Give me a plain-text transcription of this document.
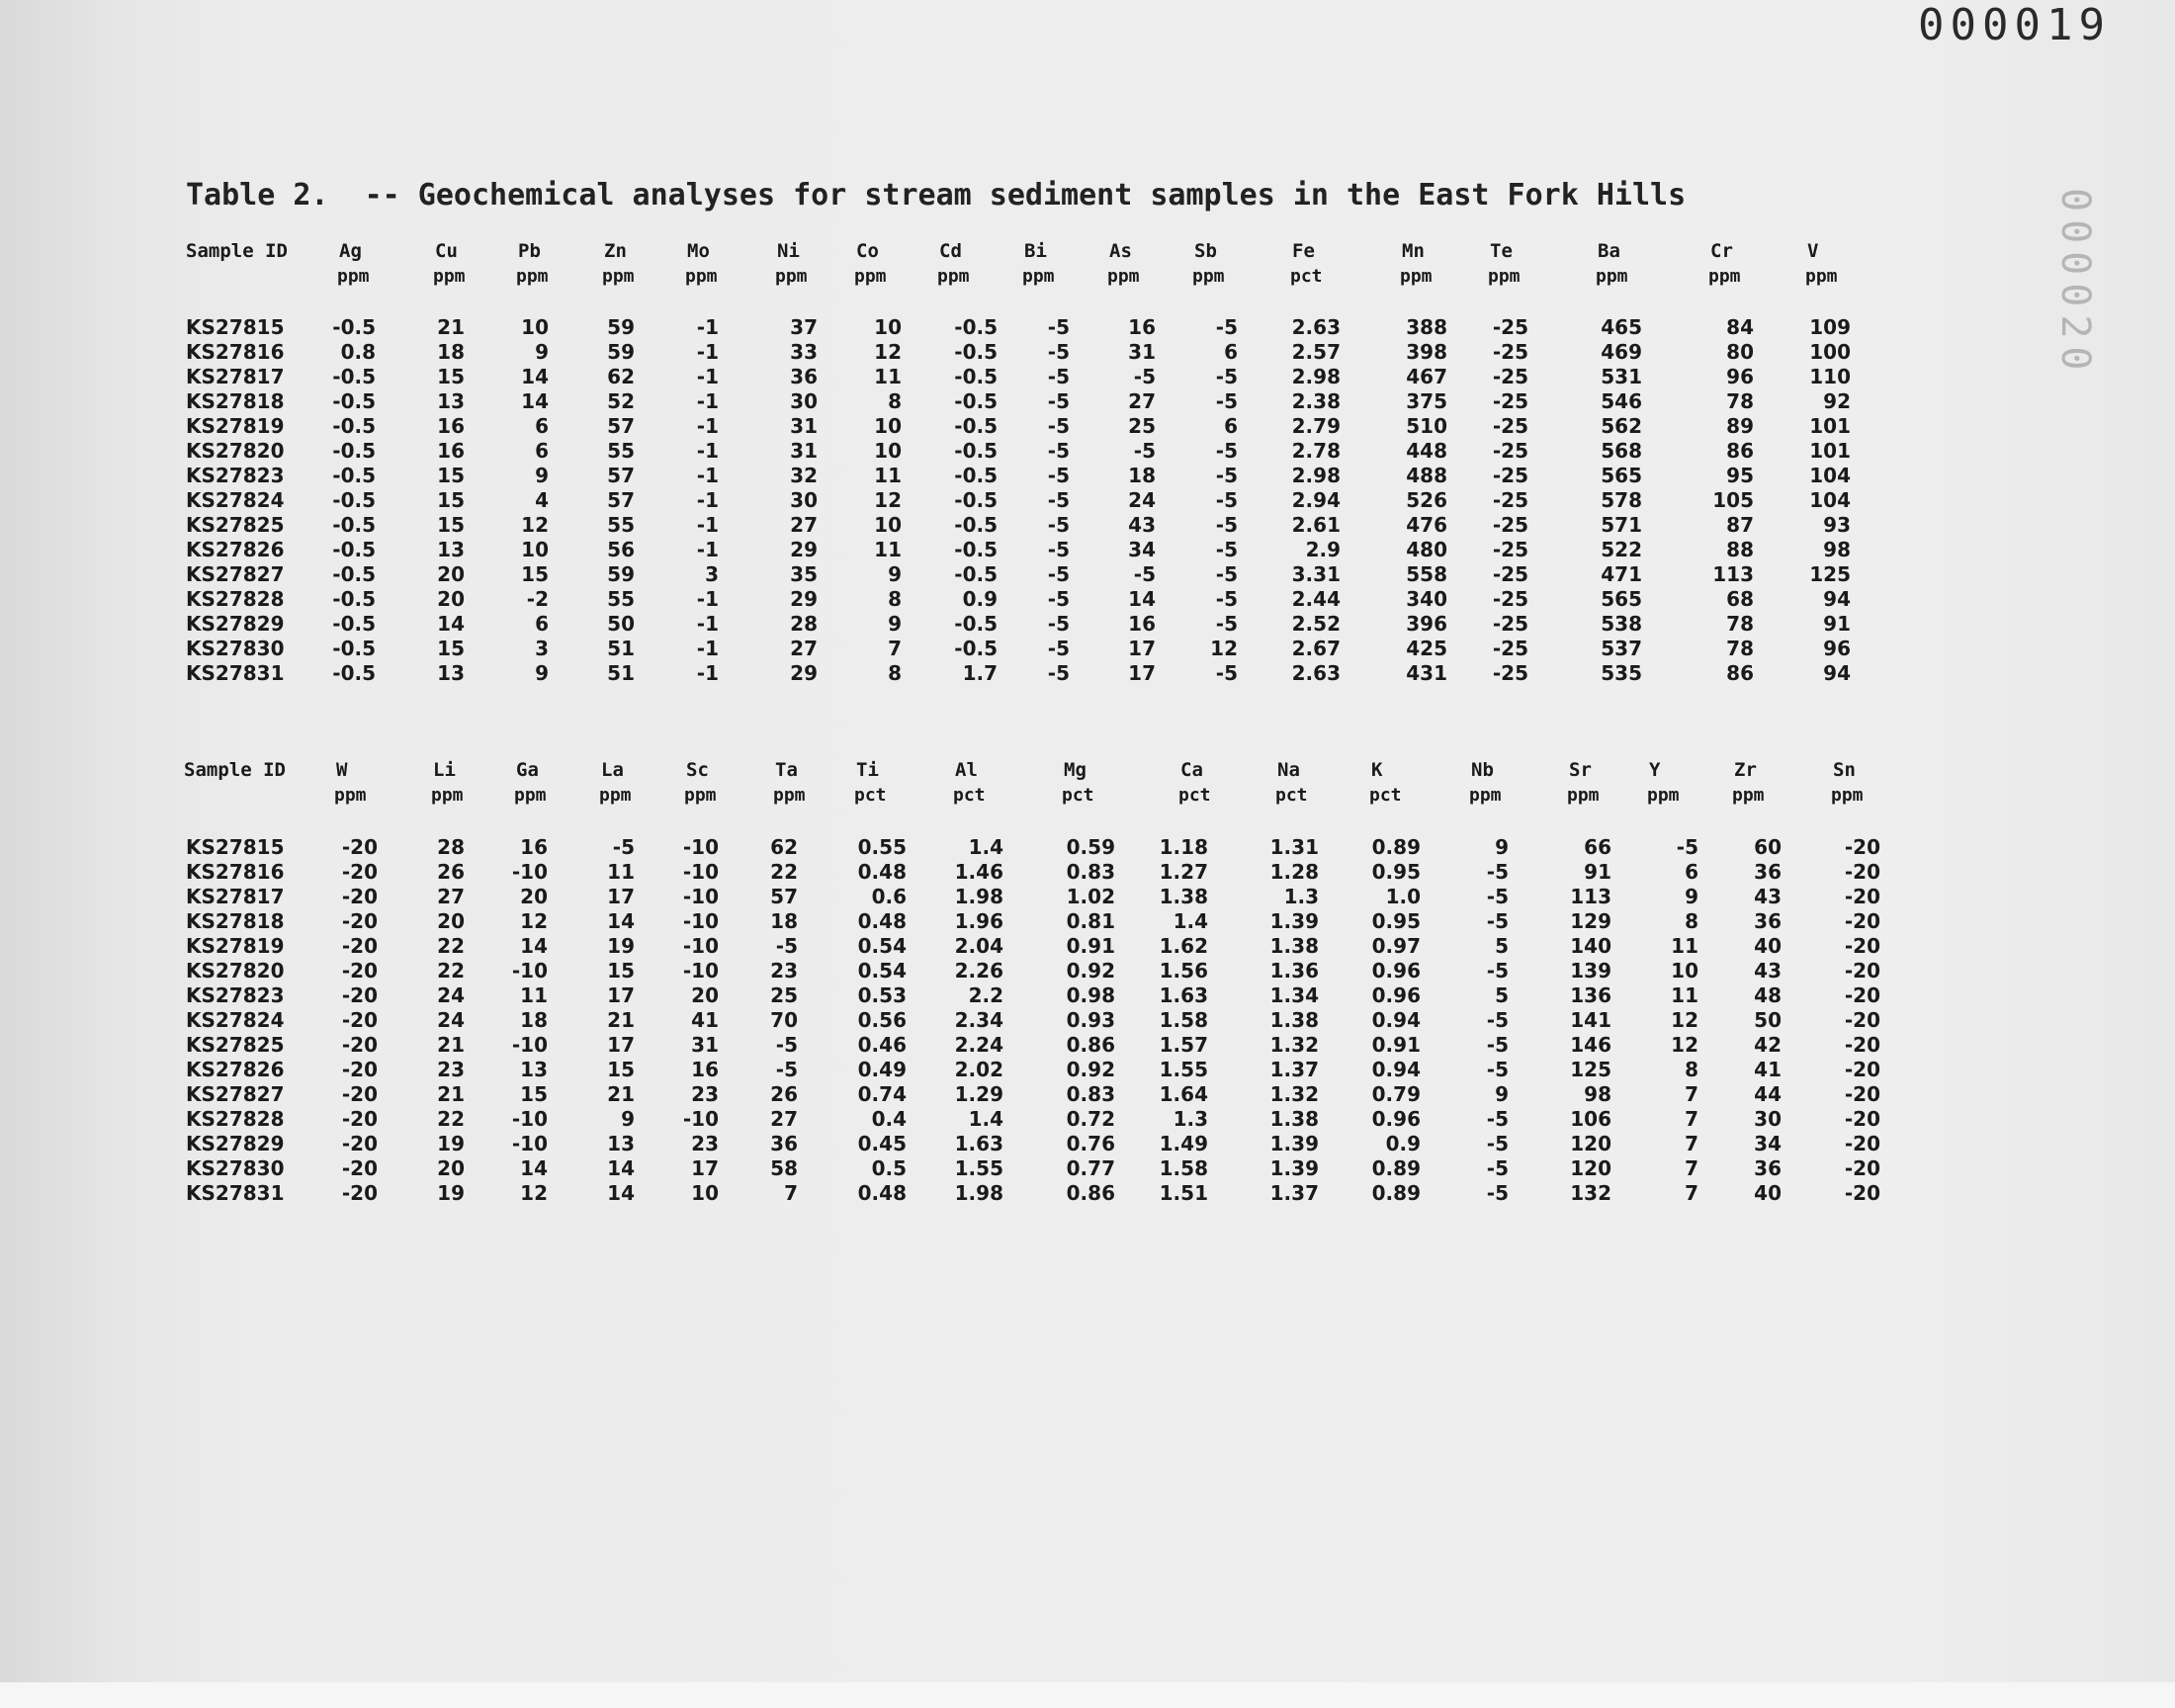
000019
000020
Table 2.  -- Geochemical analyses for stream sediment samples in the East Fork Hills
Sample ID	Ag	Cu	Pb	Zn	Mo	Ni	Co	Cd	Bi	As	Sb	Fe	Mn	Te	Ba	Cr	V
ppm	ppm	ppm	ppm	ppm	ppm	ppm	ppm	ppm	ppm	ppm	pct	ppm	ppm	ppm	ppm	ppm
KS27815	-0.5	21	10	59	-1	37	10	-0.5	-5	16	-5	2.63	388	-25	465	84	109
KS27816	0.8	18	9	59	-1	33	12	-0.5	-5	31	6	2.57	398	-25	469	80	100
KS27817	-0.5	15	14	62	-1	36	11	-0.5	-5	-5	-5	2.98	467	-25	531	96	110
KS27818	-0.5	13	14	52	-1	30	8	-0.5	-5	27	-5	2.38	375	-25	546	78	92
KS27819	-0.5	16	6	57	-1	31	10	-0.5	-5	25	6	2.79	510	-25	562	89	101
KS27820	-0.5	16	6	55	-1	31	10	-0.5	-5	-5	-5	2.78	448	-25	568	86	101
KS27823	-0.5	15	9	57	-1	32	11	-0.5	-5	18	-5	2.98	488	-25	565	95	104
KS27824	-0.5	15	4	57	-1	30	12	-0.5	-5	24	-5	2.94	526	-25	578	105	104
KS27825	-0.5	15	12	55	-1	27	10	-0.5	-5	43	-5	2.61	476	-25	571	87	93
KS27826	-0.5	13	10	56	-1	29	11	-0.5	-5	34	-5	2.9	480	-25	522	88	98
KS27827	-0.5	20	15	59	3	35	9	-0.5	-5	-5	-5	3.31	558	-25	471	113	125
KS27828	-0.5	20	-2	55	-1	29	8	0.9	-5	14	-5	2.44	340	-25	565	68	94
KS27829	-0.5	14	6	50	-1	28	9	-0.5	-5	16	-5	2.52	396	-25	538	78	91
KS27830	-0.5	15	3	51	-1	27	7	-0.5	-5	17	12	2.67	425	-25	537	78	96
KS27831	-0.5	13	9	51	-1	29	8	1.7	-5	17	-5	2.63	431	-25	535	86	94
Sample ID	W	Li	Ga	La	Sc	Ta	Ti	Al	Mg	Ca	Na	K	Nb	Sr	Y	Zr	Sn
ppm	ppm	ppm	ppm	ppm	ppm	pct	pct	pct	pct	pct	pct	ppm	ppm	ppm	ppm	ppm
KS27815	-20	28	16	-5	-10	62	0.55	1.4	0.59	1.18	1.31	0.89	9	66	-5	60	-20
KS27816	-20	26	-10	11	-10	22	0.48	1.46	0.83	1.27	1.28	0.95	-5	91	6	36	-20
KS27817	-20	27	20	17	-10	57	0.6	1.98	1.02	1.38	1.3	1.0	-5	113	9	43	-20
KS27818	-20	20	12	14	-10	18	0.48	1.96	0.81	1.4	1.39	0.95	-5	129	8	36	-20
KS27819	-20	22	14	19	-10	-5	0.54	2.04	0.91	1.62	1.38	0.97	5	140	11	40	-20
KS27820	-20	22	-10	15	-10	23	0.54	2.26	0.92	1.56	1.36	0.96	-5	139	10	43	-20
KS27823	-20	24	11	17	20	25	0.53	2.2	0.98	1.63	1.34	0.96	5	136	11	48	-20
KS27824	-20	24	18	21	41	70	0.56	2.34	0.93	1.58	1.38	0.94	-5	141	12	50	-20
KS27825	-20	21	-10	17	31	-5	0.46	2.24	0.86	1.57	1.32	0.91	-5	146	12	42	-20
KS27826	-20	23	13	15	16	-5	0.49	2.02	0.92	1.55	1.37	0.94	-5	125	8	41	-20
KS27827	-20	21	15	21	23	26	0.74	1.29	0.83	1.64	1.32	0.79	9	98	7	44	-20
KS27828	-20	22	-10	9	-10	27	0.4	1.4	0.72	1.3	1.38	0.96	-5	106	7	30	-20
KS27829	-20	19	-10	13	23	36	0.45	1.63	0.76	1.49	1.39	0.9	-5	120	7	34	-20
KS27830	-20	20	14	14	17	58	0.5	1.55	0.77	1.58	1.39	0.89	-5	120	7	36	-20
KS27831	-20	19	12	14	10	7	0.48	1.98	0.86	1.51	1.37	0.89	-5	132	7	40	-20
